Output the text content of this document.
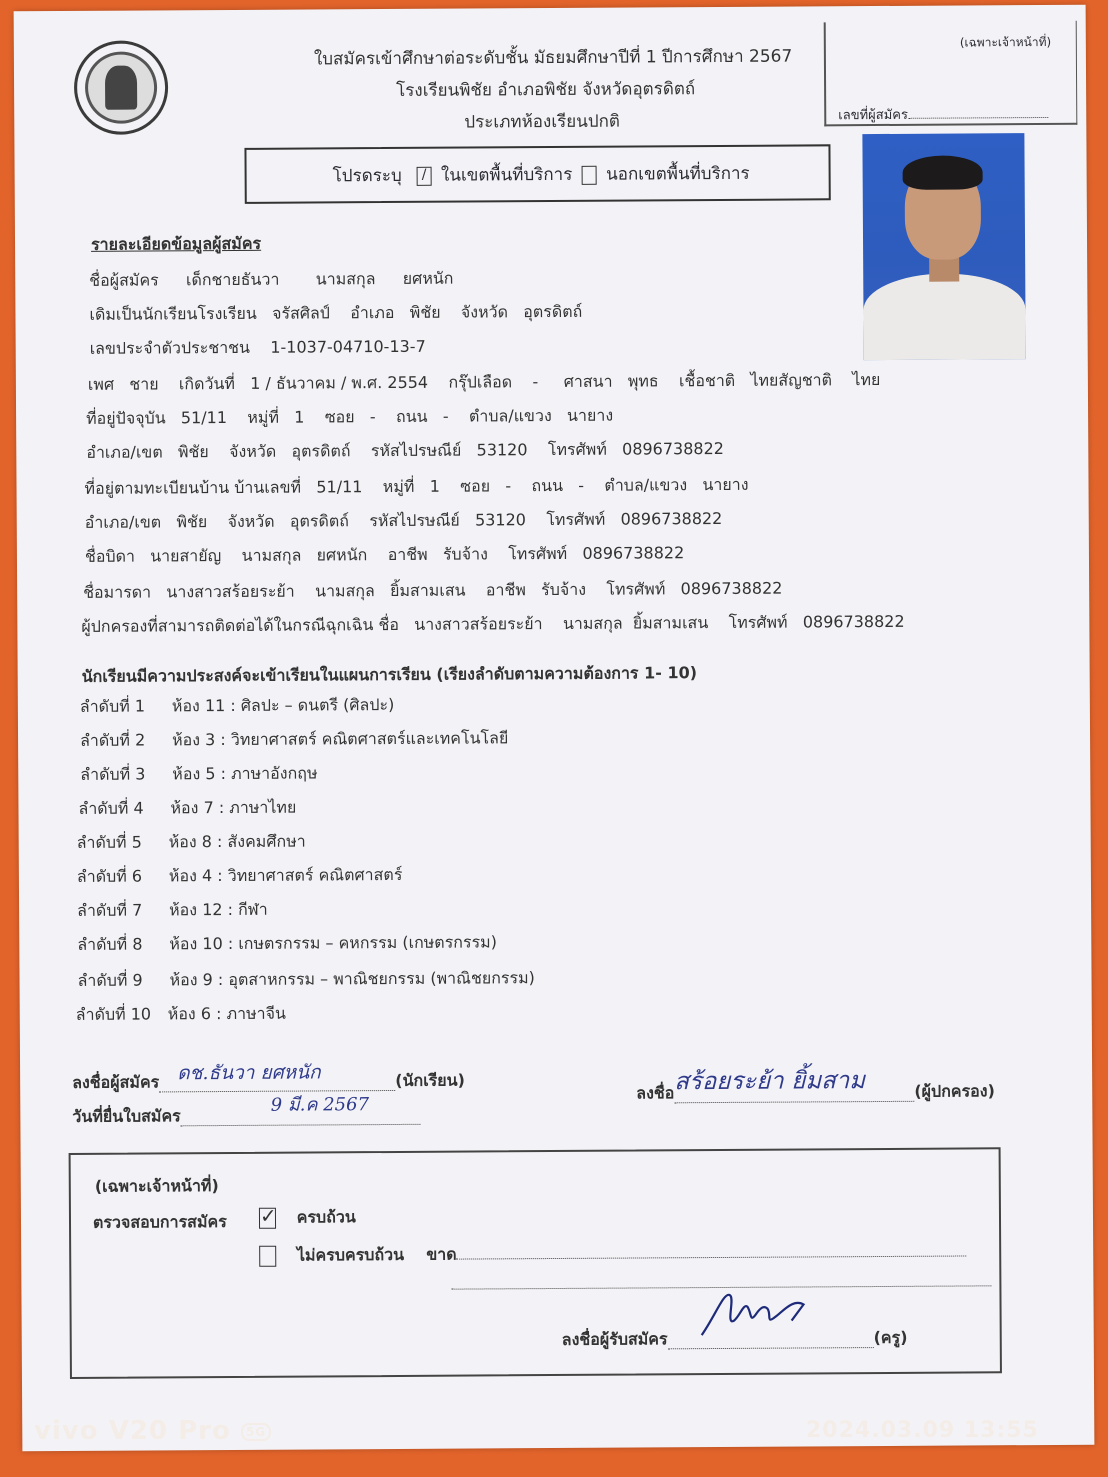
ใบสมัครเข้าศึกษาต่อระดับชั้น มัธยมศึกษาปีที่ 1 ปีการศึกษา 2567
โรงเรียนพิชัย อำเภอพิชัย จังหวัดอุตรดิตถ์
ประเภทห้องเรียนปกติ
(เฉพาะเจ้าหน้าที่)
เลขที่ผู้สมัคร
โปรดระบุ / ในเขตพื้นที่บริการ นอกเขตพื้นที่บริการ
รายละเอียดข้อมูลผู้สมัคร
ชื่อผู้สมัคร เด็กชายธันวา นามสกุล ยศหนัก
เดิมเป็นนักเรียนโรงเรียน จรัสศิลป์ อำเภอ พิชัย จังหวัด อุตรดิตถ์
เลขประจำตัวประชาชน 1-1037-04710-13-7
เพศ ชาย เกิดวันที่ 1 / ธันวาคม / พ.ศ. 2554 กรุ๊ปเลือด - ศาสนา พุทธ เชื้อชาติ ไทยสัญชาติ ไทย
ที่อยู่ปัจจุบัน 51/11 หมู่ที่ 1 ซอย - ถนน - ตำบล/แขวง นายาง
อำเภอ/เขต พิชัย จังหวัด อุตรดิตถ์ รหัสไปรษณีย์ 53120 โทรศัพท์ 0896738822
ที่อยู่ตามทะเบียนบ้าน บ้านเลขที่ 51/11 หมู่ที่ 1 ซอย - ถนน - ตำบล/แขวง นายาง
อำเภอ/เขต พิชัย จังหวัด อุตรดิตถ์ รหัสไปรษณีย์ 53120 โทรศัพท์ 0896738822
ชื่อบิดา นายสายัญ นามสกุล ยศหนัก อาชีพ รับจ้าง โทรศัพท์ 0896738822
ชื่อมารดา นางสาวสร้อยระย้า นามสกุล ยิ้มสามเสน อาชีพ รับจ้าง โทรศัพท์ 0896738822
ผู้ปกครองที่สามารถติดต่อได้ในกรณีฉุกเฉิน ชื่อ นางสาวสร้อยระย้า นามสกุล ยิ้มสามเสน โทรศัพท์ 0896738822
นักเรียนมีความประสงค์จะเข้าเรียนในแผนการเรียน (เรียงลำดับตามความต้องการ 1- 10)
ลำดับที่ 1 ห้อง 11 : ศิลปะ – ดนตรี (ศิลปะ)
ลำดับที่ 2 ห้อง 3 : วิทยาศาสตร์ คณิตศาสตร์และเทคโนโลยี
ลำดับที่ 3 ห้อง 5 : ภาษาอังกฤษ
ลำดับที่ 4 ห้อง 7 : ภาษาไทย
ลำดับที่ 5 ห้อง 8 : สังคมศึกษา
ลำดับที่ 6 ห้อง 4 : วิทยาศาสตร์ คณิตศาสตร์
ลำดับที่ 7 ห้อง 12 : กีฬา
ลำดับที่ 8 ห้อง 10 : เกษตรกรรม – คหกรรม (เกษตรกรรม)
ลำดับที่ 9 ห้อง 9 : อุตสาหกรรม – พาณิชยกรรม (พาณิชยกรรม)
ลำดับที่ 10 ห้อง 6 : ภาษาจีน
ลงชื่อผู้สมัคร ดช.ธันวา ยศหนัก	(นักเรียน)
วันที่ยื่นใบสมัคร
9 มี.ค 2567

ลงชื่อ สร้อยระย้า ยิ้มสาม	(ผู้ปกครอง)
(เฉพาะเจ้าหน้าที่)
ตรวจสอบการสมัคร ✓ ครบถ้วน
ไม่ครบครบถ้วน ขาด
ลงชื่อผู้รับสมัคร	(ครู)
vivo V20 Pro 5G	2024.03.09 13:55
